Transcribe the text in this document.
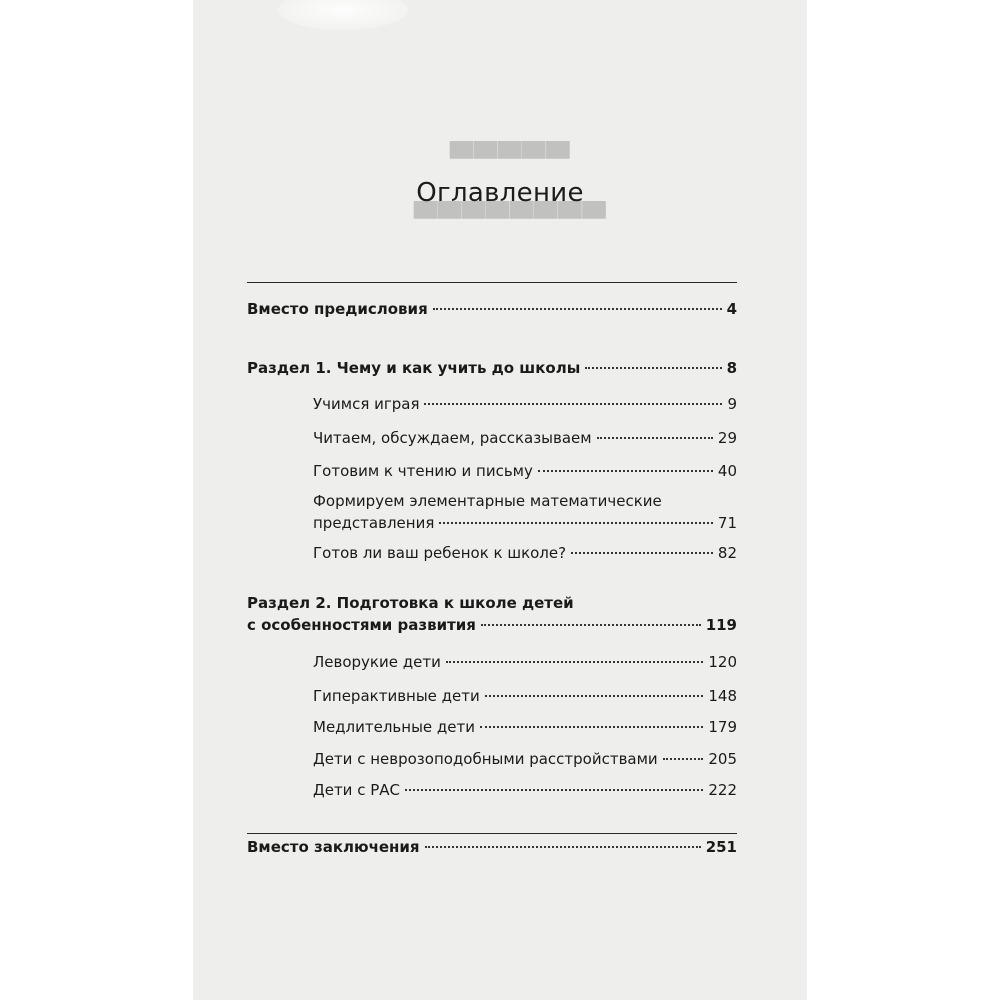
▀▀▀▀▀
▀▀▀▀▀▀▀▀
Оглавление
Вместо предисловия	4
Раздел 1. Чему и как учить до школы	8
Учимся играя	9
Читаем, обсуждаем, рассказываем	29
Готовим к чтению и письму	40
Формируем элементарные математические
представления	71
Готов ли ваш ребенок к школе?	82
Раздел 2. Подготовка к школе детей
с особенностями развития	119
Леворукие дети	120
Гиперактивные дети	148
Медлительные дети	179
Дети с неврозоподобными расстройствами	205
Дети с РАС	222
Вместо заключения	251
